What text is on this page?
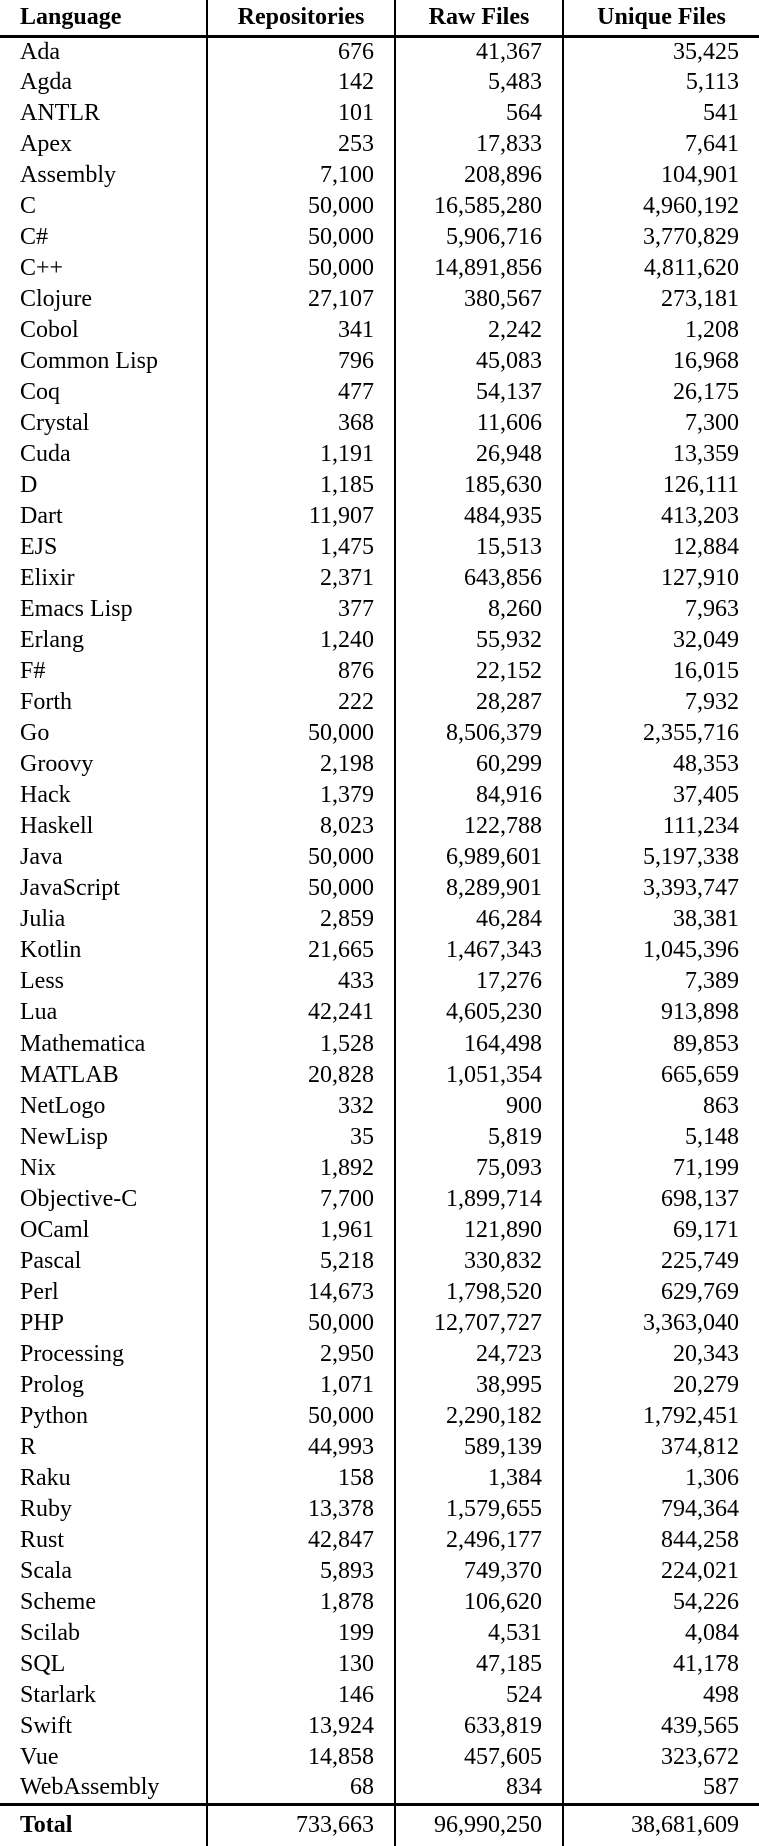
Language	Repositories	Raw Files	Unique Files
Ada	676	41,367	35,425
Agda	142	5,483	5,113
ANTLR	101	564	541
Apex	253	17,833	7,641
Assembly	7,100	208,896	104,901
C	50,000	16,585,280	4,960,192
C#	50,000	5,906,716	3,770,829
C++	50,000	14,891,856	4,811,620
Clojure	27,107	380,567	273,181
Cobol	341	2,242	1,208
Common Lisp	796	45,083	16,968
Coq	477	54,137	26,175
Crystal	368	11,606	7,300
Cuda	1,191	26,948	13,359
D	1,185	185,630	126,111
Dart	11,907	484,935	413,203
EJS	1,475	15,513	12,884
Elixir	2,371	643,856	127,910
Emacs Lisp	377	8,260	7,963
Erlang	1,240	55,932	32,049
F#	876	22,152	16,015
Forth	222	28,287	7,932
Go	50,000	8,506,379	2,355,716
Groovy	2,198	60,299	48,353
Hack	1,379	84,916	37,405
Haskell	8,023	122,788	111,234
Java	50,000	6,989,601	5,197,338
JavaScript	50,000	8,289,901	3,393,747
Julia	2,859	46,284	38,381
Kotlin	21,665	1,467,343	1,045,396
Less	433	17,276	7,389
Lua	42,241	4,605,230	913,898
Mathematica	1,528	164,498	89,853
MATLAB	20,828	1,051,354	665,659
NetLogo	332	900	863
NewLisp	35	5,819	5,148
Nix	1,892	75,093	71,199
Objective-C	7,700	1,899,714	698,137
OCaml	1,961	121,890	69,171
Pascal	5,218	330,832	225,749
Perl	14,673	1,798,520	629,769
PHP	50,000	12,707,727	3,363,040
Processing	2,950	24,723	20,343
Prolog	1,071	38,995	20,279
Python	50,000	2,290,182	1,792,451
R	44,993	589,139	374,812
Raku	158	1,384	1,306
Ruby	13,378	1,579,655	794,364
Rust	42,847	2,496,177	844,258
Scala	5,893	749,370	224,021
Scheme	1,878	106,620	54,226
Scilab	199	4,531	4,084
SQL	130	47,185	41,178
Starlark	146	524	498
Swift	13,924	633,819	439,565
Vue	14,858	457,605	323,672
WebAssembly	68	834	587
Total	733,663	96,990,250	38,681,609
